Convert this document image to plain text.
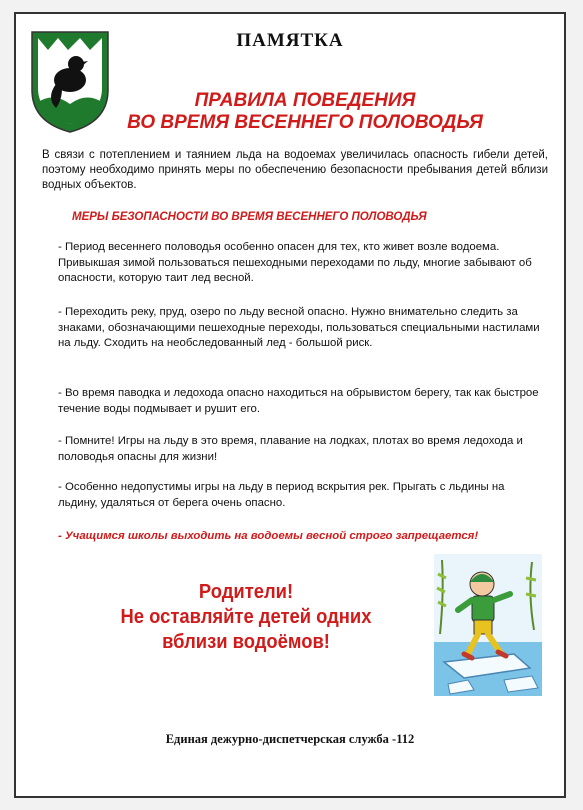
ПАМЯТКА
ПРАВИЛА ПОВЕДЕНИЯ
ВО ВРЕМЯ ВЕСЕННЕГО ПОЛОВОДЬЯ
В связи с потеплением и таянием льда на водоемах увеличилась опасность гибели детей, поэтому необходимо принять меры по обеспечению безопасности пребывания детей вблизи водных объектов.
МЕРЫ БЕЗОПАСНОСТИ ВО ВРЕМЯ ВЕСЕННЕГО ПОЛОВОДЬЯ
- Период весеннего половодья особенно опасен для тех, кто живет возле водоема. Привыкшая зимой пользоваться пешеходными переходами по льду, многие забывают об опасности, которую таит лед весной.
- Переходить реку, пруд, озеро по льду весной опасно. Нужно внимательно следить за знаками, обозначающими пешеходные переходы, пользоваться специальными настилами на льду. Сходить на необследованный лед - большой риск.
- Во время паводка и ледохода опасно находиться на обрывистом берегу, так как быстрое течение воды подмывает и рушит его.
- Помните! Игры на льду в это время, плавание на лодках, плотах во время ледохода и половодья опасны для жизни!
- Особенно недопустимы игры на льду в период вскрытия рек. Прыгать с льдины на льдину, удаляться от берега очень опасно.
- Учащимся школы выходить на водоемы весной строго запрещается!
Родители!
Не оставляйте детей одних
вблизи водоёмов!
Единая дежурно-диспетчерская служба -112
